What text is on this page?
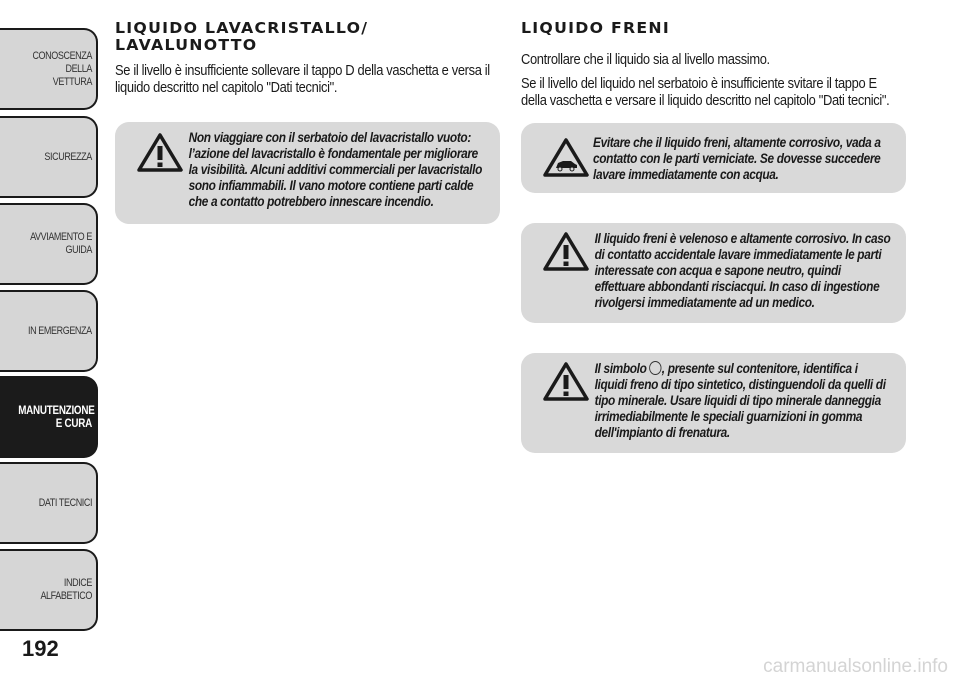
CONOSCENZA DELLA VETTURA
SICUREZZA
AVVIAMENTO E GUIDA
IN EMERGENZA
MANUTENZIONE E CURA
DATI TECNICI
INDICE ALFABETICO
192
LIQUIDO LAVACRISTALLO/
LAVALUNOTTO

Se il livello è insufficiente sollevare il tappo D della vaschetta e versa il liquido descritto nel capitolo "Dati tecnici".

Non viaggiare con il serbatoio del lavacristallo vuoto: l’azione del lavacristallo è fondamentale per migliorare la visibilità. Alcuni additivi commerciali per lavacristallo sono infiammabili. Il vano motore contiene parti calde che a contatto potrebbero innescare incendio.

LIQUIDO FRENI

Controllare che il liquido sia al livello massimo.

Se il livello del liquido nel serbatoio è insufficiente svitare il tappo E della vaschetta e versare il liquido descritto nel capitolo "Dati tecnici".

Evitare che il liquido freni, altamente corrosivo, vada a contatto con le parti verniciate. Se dovesse succedere lavare immediatamente con acqua.

Il liquido freni è velenoso e altamente corrosivo. In caso di contatto accidentale lavare immediatamente le parti interessate con acqua e sapone neutro, quindi effettuare abbondanti risciacqui. In caso di ingestione rivolgersi immediatamente ad un medico.

Il simbolo , presente sul contenitore, identifica i liquidi freno di tipo sintetico, distinguendoli da quelli di tipo minerale. Usare liquidi di tipo minerale danneggia irrimediabilmente le speciali guarnizioni in gomma dell'impianto di frenatura.

carmanualsonline.info
